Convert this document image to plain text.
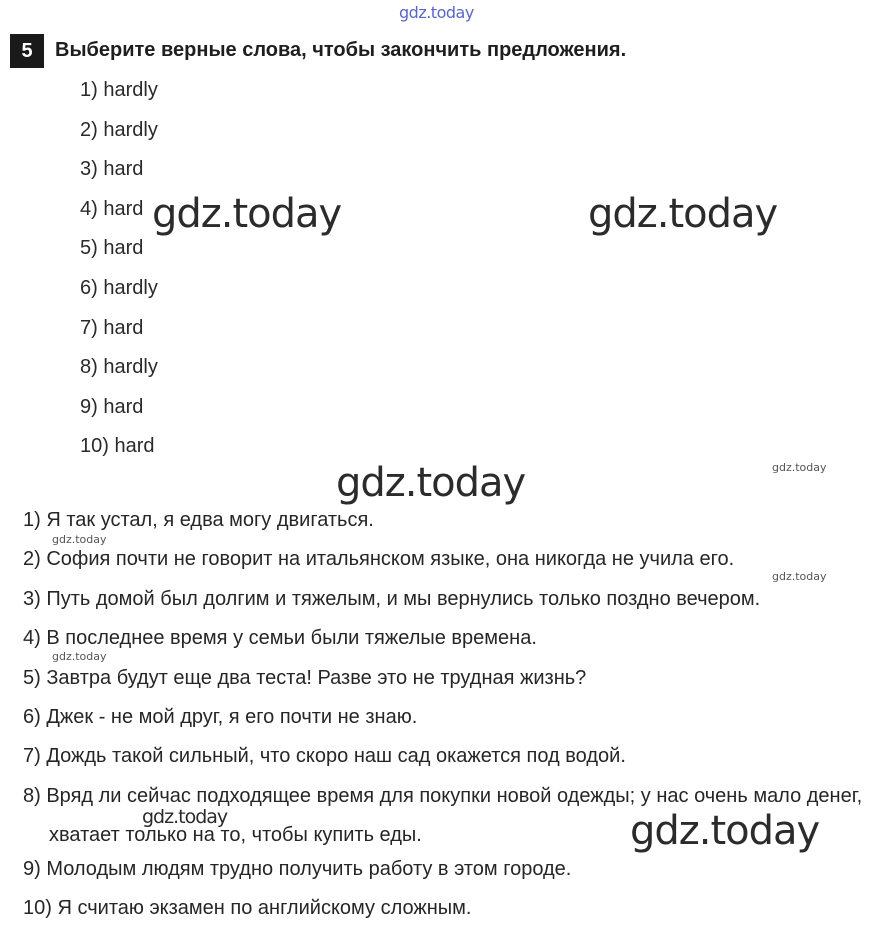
gdz.today
5	Выберите верные слова, чтобы закончить предложения.
1) hardly
2) hardly
3) hard
4) hard
5) hard
6) hardly
7) hard
8) hardly
9) hard
10) hard
1) Я так устал, я едва могу двигаться.
2) София почти не говорит на итальянском языке, она никогда не учила его.
3) Путь домой был долгим и тяжелым, и мы вернулись только поздно вечером.
4) В последнее время у семьи были тяжелые времена.
5) Завтра будут еще два теста! Разве это не трудная жизнь?
6) Джек - не мой друг, я его почти не знаю.
7) Дождь такой сильный, что скоро наш сад окажется под водой.
8) Вряд ли сейчас подходящее время для покупки новой одежды; у нас очень мало денег, хватает только на то, чтобы купить еды.
9) Молодым людям трудно получить работу в этом городе.
10) Я считаю экзамен по английскому сложным.
gdz.today	gdz.today
gdz.today
gdz.today
gdz.today
gdz.today
gdz.today
gdz.today
gdz.today
